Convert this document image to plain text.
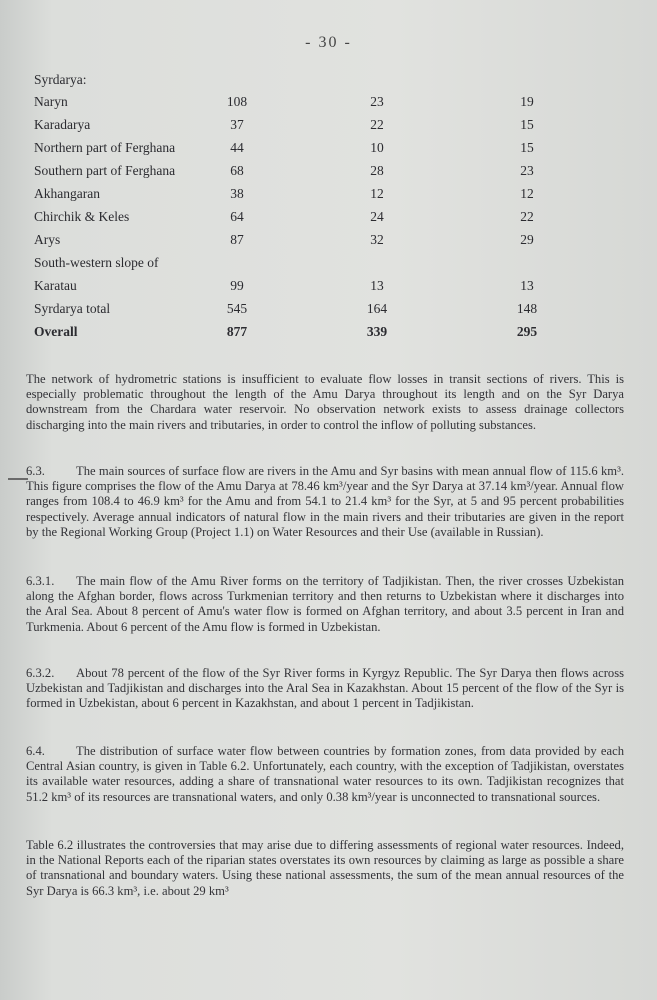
- 30 -
Syrdarya:
Naryn	108	23	19
Karadarya	37	22	15
Northern part of Ferghana	44	10	15
Southern part of Ferghana	68	28	23
Akhangaran	38	12	12
Chirchik & Keles	64	24	22
Arys	87	32	29
South-western slope of
Karatau	99	13	13
Syrdarya total	545	164	148
Overall	877	339	295
The network of hydrometric stations is insufficient to evaluate flow losses in transit sections of rivers. This is especially problematic throughout the length of the Amu Darya throughout its length and on the Syr Darya downstream from the Chardara water reservoir. No observation network exists to assess drainage collectors discharging into the main rivers and tributaries, in order to control the inflow of polluting substances.
6.3. The main sources of surface flow are rivers in the Amu and Syr basins with mean annual flow of 115.6 km³. This figure comprises the flow of the Amu Darya at 78.46 km³/year and the Syr Darya at 37.14 km³/year. Annual flow ranges from 108.4 to 46.9 km³ for the Amu and from 54.1 to 21.4 km³ for the Syr, at 5 and 95 percent probabilities respectively. Average annual indicators of natural flow in the main rivers and their tributaries are given in the report by the Regional Working Group (Project 1.1) on Water Resources and their Use (available in Russian).
6.3.1. The main flow of the Amu River forms on the territory of Tadjikistan. Then, the river crosses Uzbekistan along the Afghan border, flows across Turkmenian territory and then returns to Uzbekistan where it discharges into the Aral Sea. About 8 percent of Amu's water flow is formed on Afghan territory, and about 3.5 percent in Iran and Turkmenia. About 6 percent of the Amu flow is formed in Uzbekistan.
6.3.2. About 78 percent of the flow of the Syr River forms in Kyrgyz Republic. The Syr Darya then flows across Uzbekistan and Tadjikistan and discharges into the Aral Sea in Kazakhstan. About 15 percent of the flow of the Syr is formed in Uzbekistan, about 6 percent in Kazakhstan, and about 1 percent in Tadjikistan.
6.4. The distribution of surface water flow between countries by formation zones, from data provided by each Central Asian country, is given in Table 6.2. Unfortunately, each country, with the exception of Tadjikistan, overstates its available water resources, adding a share of transnational water resources to its own. Tadjikistan recognizes that 51.2 km³ of its resources are transnational waters, and only 0.38 km³/year is unconnected to transnational sources.
Table 6.2 illustrates the controversies that may arise due to differing assessments of regional water resources. Indeed, in the National Reports each of the riparian states overstates its own resources by claiming as large as possible a share of transnational and boundary waters. Using these national assessments, the sum of the mean annual resources of the Syr Darya is 66.3 km³, i.e. about 29 km³
